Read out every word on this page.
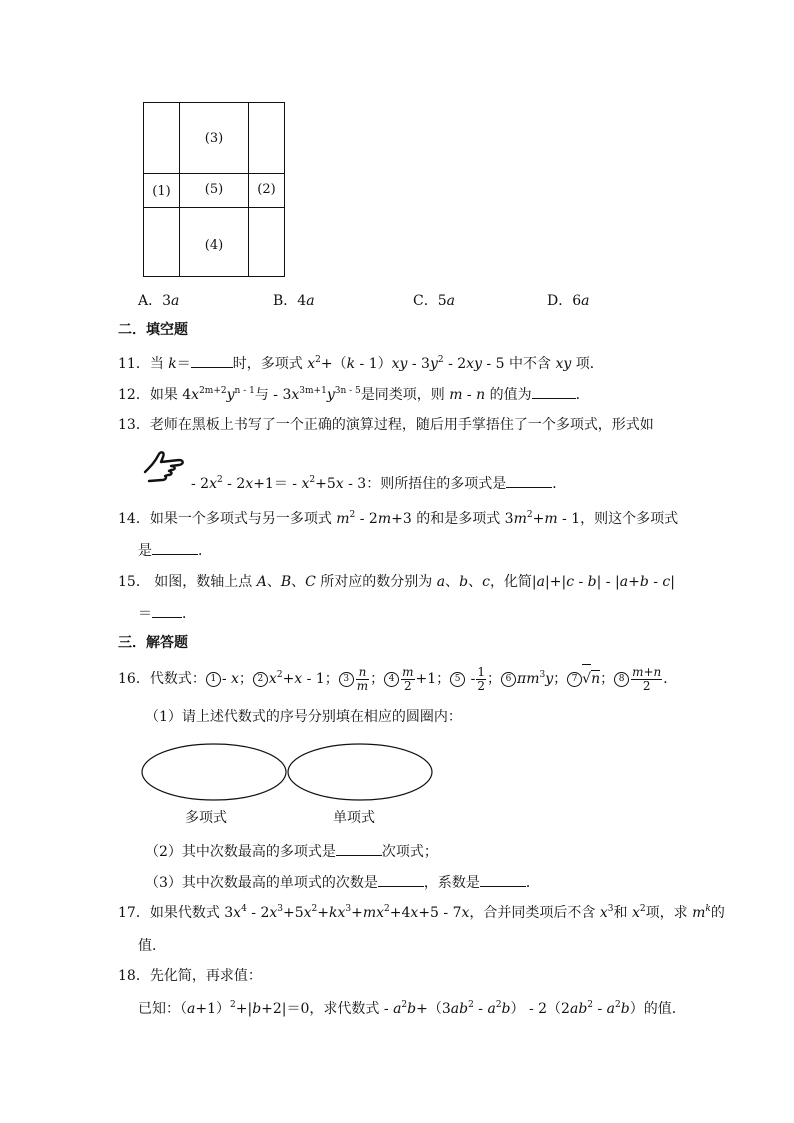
(3)
(1)	(5)	(2)
(4)
A．3a	B．4a	C．5a	D．6a
二．填空题
11．当 k＝	时，多项式 $x^2+(k - 1)xy - 3y^2 - 2xy - 5$ 中不含 xy 项．
12．如果 $4x^{2m+2}y^{n - 1}$与 - $3x^{3m+1}y^{3n - 5}$是同类项，则 m - n 的值为	．
13．老师在黑板上书写了一个正确的演算过程，随后用手掌捂住了一个多项式，形式如
- $2x^2 - 2x+1= - x^2+5x - 3$：则所捂住的多项式是	．
14．如果一个多项式与另一多项式 $m^2 - 2m+3$ 的和是多项式 $3m^2+m - 1$，则这个多项式
是	．
15． 如图，数轴上点 A、B、C 所对应的数分别为 a、b、c，化简|a|+|c - b| - |a+b - c|
＝ ．
三．解答题
16．代数式： 1 - x； 2 $x^2+x - 1$； $3 \frac{n}{m}$ ； $4 \frac{m}{2} +1$； $5 - \frac{1}{2}$ ； 6 $\pi m^3y$； 7 √n； $8 \frac{m+n}{2}$ ．
（1）请上述代数式的序号分别填在相应的圆圈内：
多项式	单项式
（2）其中次数最高的多项式是	次项式；
（3）其中次数最高的单项式的次数是	，系数是	．
17．如果代数式 $3x^4 - 2x^3+5x^2+kx^3+mx^2+4x+5 - 7x$，合并同类项后不含 $x^3$和 $x^2$项，求 $m^k$的
值．
18．先化简，再求值：
已知：$(a+1)^2+|b+2|=0$，求代数式 - $a^2b+(3ab^2 - a^2b) - 2(2ab^2 - a^2b)$的值．
